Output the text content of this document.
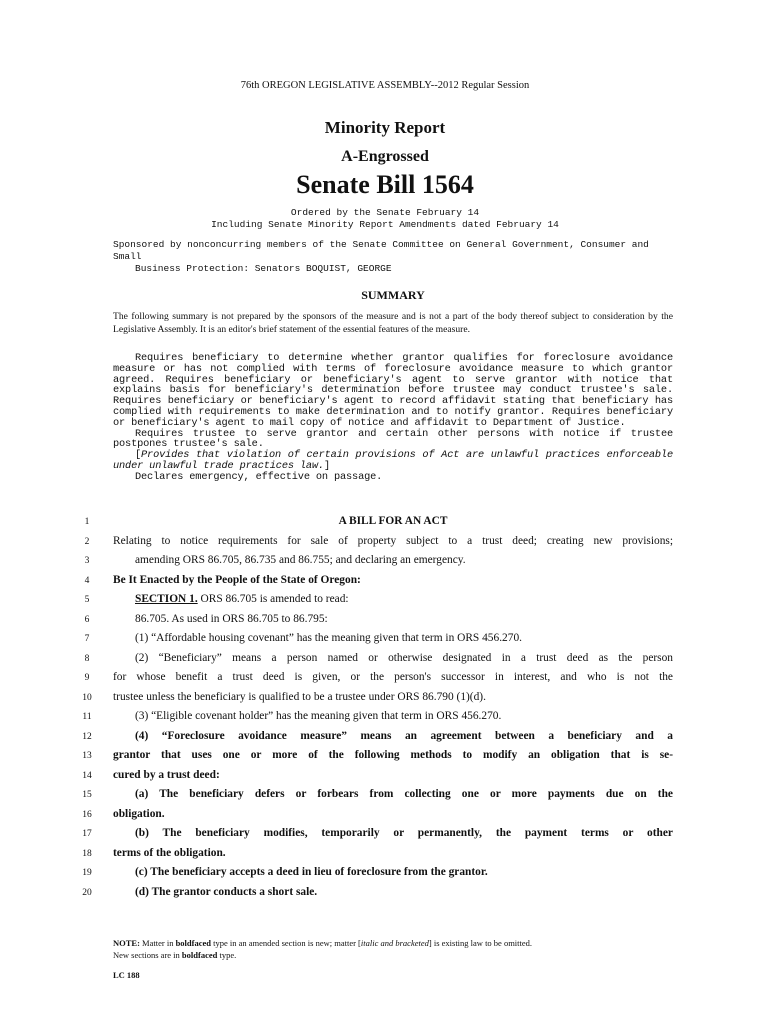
76th OREGON LEGISLATIVE ASSEMBLY--2012 Regular Session
Minority Report
A-Engrossed
Senate Bill 1564
Ordered by the Senate February 14
Including Senate Minority Report Amendments dated February 14
Sponsored by nonconcurring members of the Senate Committee on General Government, Consumer and Small
Business Protection: Senators BOQUIST, GEORGE
SUMMARY
The following summary is not prepared by the sponsors of the measure and is not a part of the body thereof subject to consideration by the Legislative Assembly. It is an editor's brief statement of the essential features of the measure.

Requires beneficiary to determine whether grantor qualifies for foreclosure avoidance measure or has not complied with terms of foreclosure avoidance measure to which grantor agreed. Requires beneficiary or beneficiary's agent to serve grantor with notice that explains basis for beneficiary's determination before trustee may conduct trustee's sale. Requires beneficiary or beneficiary's agent to record affidavit stating that beneficiary has complied with requirements to make determination and to notify grantor. Requires beneficiary or beneficiary's agent to mail copy of notice and affidavit to Department of Justice.

Requires trustee to serve grantor and certain other persons with notice if trustee postpones trustee's sale.

[Provides that violation of certain provisions of Act are unlawful practices enforceable under unlawful trade practices law.]

Declares emergency, effective on passage.

1	A BILL FOR AN ACT
2	Relating to notice requirements for sale of property subject to a trust deed; creating new provisions;
3	amending ORS 86.705, 86.735 and 86.755; and declaring an emergency.
4	Be It Enacted by the People of the State of Oregon:
5	SECTION 1. ORS 86.705 is amended to read:
6	86.705. As used in ORS 86.705 to 86.795:
7	(1) “Affordable housing covenant” has the meaning given that term in ORS 456.270.
8	(2) “Beneficiary” means a person named or otherwise designated in a trust deed as the person
9	for whose benefit a trust deed is given, or the person's successor in interest, and who is not the
10	trustee unless the beneficiary is qualified to be a trustee under ORS 86.790 (1)(d).
11	(3) “Eligible covenant holder” has the meaning given that term in ORS 456.270.
12	(4) “Foreclosure avoidance measure” means an agreement between a beneficiary and a
13	grantor that uses one or more of the following methods to modify an obligation that is se-
14	cured by a trust deed:
15	(a) The beneficiary defers or forbears from collecting one or more payments due on the
16	obligation.
17	(b) The beneficiary modifies, temporarily or permanently, the payment terms or other
18	terms of the obligation.
19	(c) The beneficiary accepts a deed in lieu of foreclosure from the grantor.
20	(d) The grantor conducts a short sale.
NOTE: Matter in boldfaced type in an amended section is new; matter [italic and bracketed] is existing law to be omitted.
New sections are in boldfaced type.
LC 188
